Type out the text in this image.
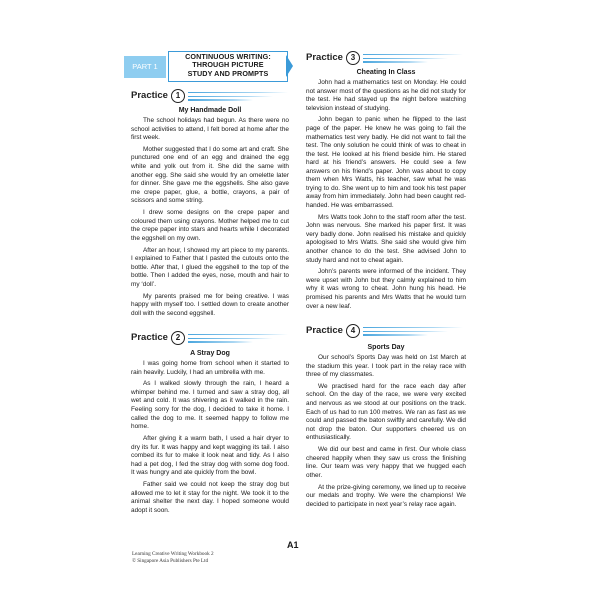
PART 1
CONTINUOUS WRITING:
THROUGH PICTURE
STUDY AND PROMPTS
Practice 1
My Handmade Doll

The school holidays had begun. As there were no school activities to attend, I felt bored at home after the first week.

Mother suggested that I do some art and craft. She punctured one end of an egg and drained the egg white and yolk out from it. She did the same with another egg. She said she would fry an omelette later for dinner. She gave me the eggshells. She also gave me crepe paper, glue, a bottle, crayons, a pair of scissors and some string.

I drew some designs on the crepe paper and coloured them using crayons. Mother helped me to cut the crepe paper into stars and hearts while I decorated the eggshell on my own.

After an hour, I showed my art piece to my parents. I explained to Father that I pasted the cutouts onto the bottle. After that, I glued the eggshell to the top of the bottle. Then I added the eyes, nose, mouth and hair to my ‘doll’.

My parents praised me for being creative. I was happy with myself too. I settled down to create another doll with the second eggshell.

Practice 2
A Stray Dog

I was going home from school when it started to rain heavily. Luckily, I had an umbrella with me.

As I walked slowly through the rain, I heard a whimper behind me. I turned and saw a stray dog, all wet and cold. It was shivering as it walked in the rain. Feeling sorry for the dog, I decided to take it home. I called the dog to me. It seemed happy to follow me home.

After giving it a warm bath, I used a hair dryer to dry its fur. It was happy and kept wagging its tail. I also combed its fur to make it look neat and tidy. As I also had a pet dog, I fed the stray dog with some dog food. It was hungry and ate quickly from the bowl.

Father said we could not keep the stray dog but allowed me to let it stay for the night. We took it to the animal shelter the next day. I hoped someone would adopt it soon.

Practice 3
Cheating In Class

John had a mathematics test on Monday. He could not answer most of the questions as he did not study for the test. He had stayed up the night before watching television instead of studying.

John began to panic when he flipped to the last page of the paper. He knew he was going to fail the mathematics test very badly. He did not want to fail the test. The only solution he could think of was to cheat in the test. He looked at his friend beside him. He stared hard at his friend’s answers. He could see a few answers on his friend’s paper. John was about to copy them when Mrs Watts, his teacher, saw what he was trying to do. She went up to him and took his test paper away from him immediately. John had been caught red-handed. He was embarrassed.

Mrs Watts took John to the staff room after the test. John was nervous. She marked his paper first. It was very badly done. John realised his mistake and quickly apologised to Mrs Watts. She said she would give him another chance to do the test. She advised John to study hard and not to cheat again.

John’s parents were informed of the incident. They were upset with John but they calmly explained to him why it was wrong to cheat. John hung his head. He promised his parents and Mrs Watts that he would turn over a new leaf.

Practice 4
Sports Day

Our school’s Sports Day was held on 1st March at the stadium this year. I took part in the relay race with three of my classmates.

We practised hard for the race each day after school. On the day of the race, we were very excited and nervous as we stood at our positions on the track. Each of us had to run 100 metres. We ran as fast as we could and passed the baton swiftly and carefully. We did not drop the baton. Our supporters cheered us on enthusiastically.

We did our best and came in first. Our whole class cheered happily when they saw us cross the finishing line. Our team was very happy that we hugged each other.

At the prize-giving ceremony, we lined up to receive our medals and trophy. We were the champions! We decided to participate in next year’s relay race again.

A1
Learning Creative Writing Workbook 2
© Singapore Asia Publishers Pte Ltd
